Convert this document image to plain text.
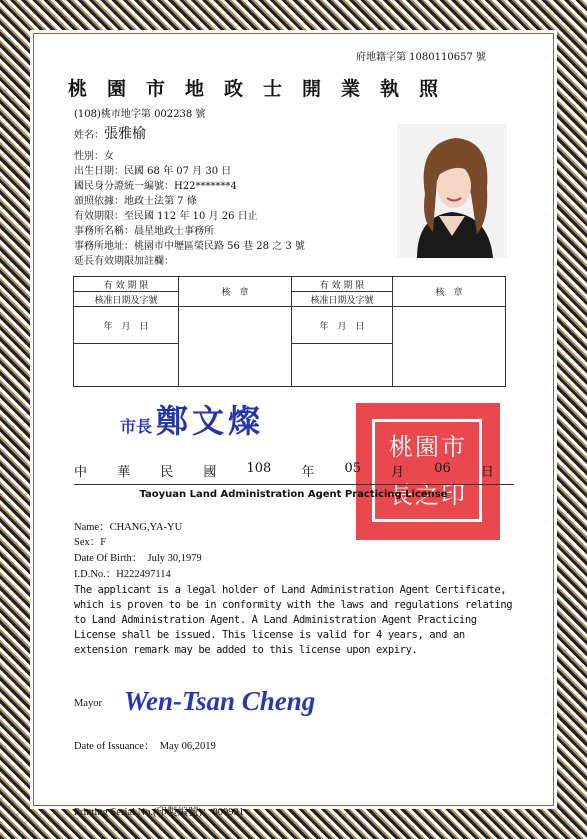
府地籍字第 1080110657 號
桃園市地政士開業執照
(108)桃市地字第 002238 號
姓名：張雅榆
性別：女
出生日期：民國 68 年 07 月 30 日
國民身分證統一編號：H22*******4
頒照依據：地政士法第 7 條
有效期限：至民國 112 年 10 月 26 日止
事務所名稱：晨星地政士事務所
事務所地址：桃園市中壢區榮民路 56 巷 28 之 3 號
延長有效期限加註欄：
有 效 期 限	核　章	有 效 期 限	核　章
核准日期及字號		核准日期及字號	
年　月　日		年　月　日	

市長 鄭文燦
桃園市長之印
中 華 民 國 108 年 05 月 06 日
Taoyuan Land Administration Agent Practicing License
Name：CHANG,YA-YU
Sex：F
Date Of Birth：　July 30,1979
I.D.No.：H222497114
The applicant is a legal holder of Land Administration Agent Certificate, which is proven to be in conformity with the laws and regulations relating to Land Administration Agent. A Land Administration Agent Practicing License shall be issued. This license is valid for 4 years, and an extension remark may be added to this license upon expiry.
Mayor Wen-Tsan Cheng
Date of Issuance：　May 06,2019
Printing Serial No.(印製編號)：000991
